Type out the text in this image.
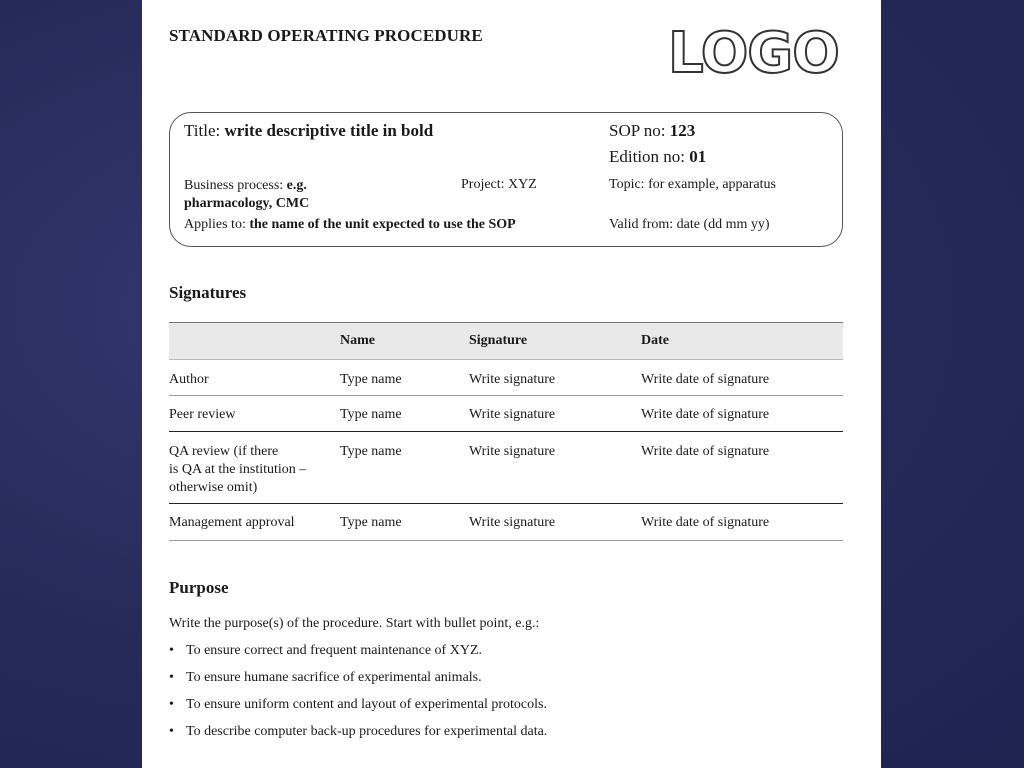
STANDARD OPERATING PROCEDURE	LOGO
Title: write descriptive title in bold	SOP no: 123
Edition no: 01
Business process: e.g.
pharmacology, CMC
Project: XYZ	Topic: for example, apparatus
Applies to: the name of the unit expected to use the SOP	Valid from: date (dd mm yy)
Signatures
	Name	Signature	Date
Author	Type name	Write signature	Write date of signature
Peer review	Type name	Write signature	Write date of signature
QA review (if there
is QA at the institution –
otherwise omit)	Type name	Write signature	Write date of signature
Management approval	Type name	Write signature	Write date of signature
Purpose
Write the purpose(s) of the procedure. Start with bullet point, e.g.:
• To ensure correct and frequent maintenance of XYZ.
• To ensure humane sacrifice of experimental animals.
• To ensure uniform content and layout of experimental protocols.
• To describe computer back-up procedures for experimental data.
